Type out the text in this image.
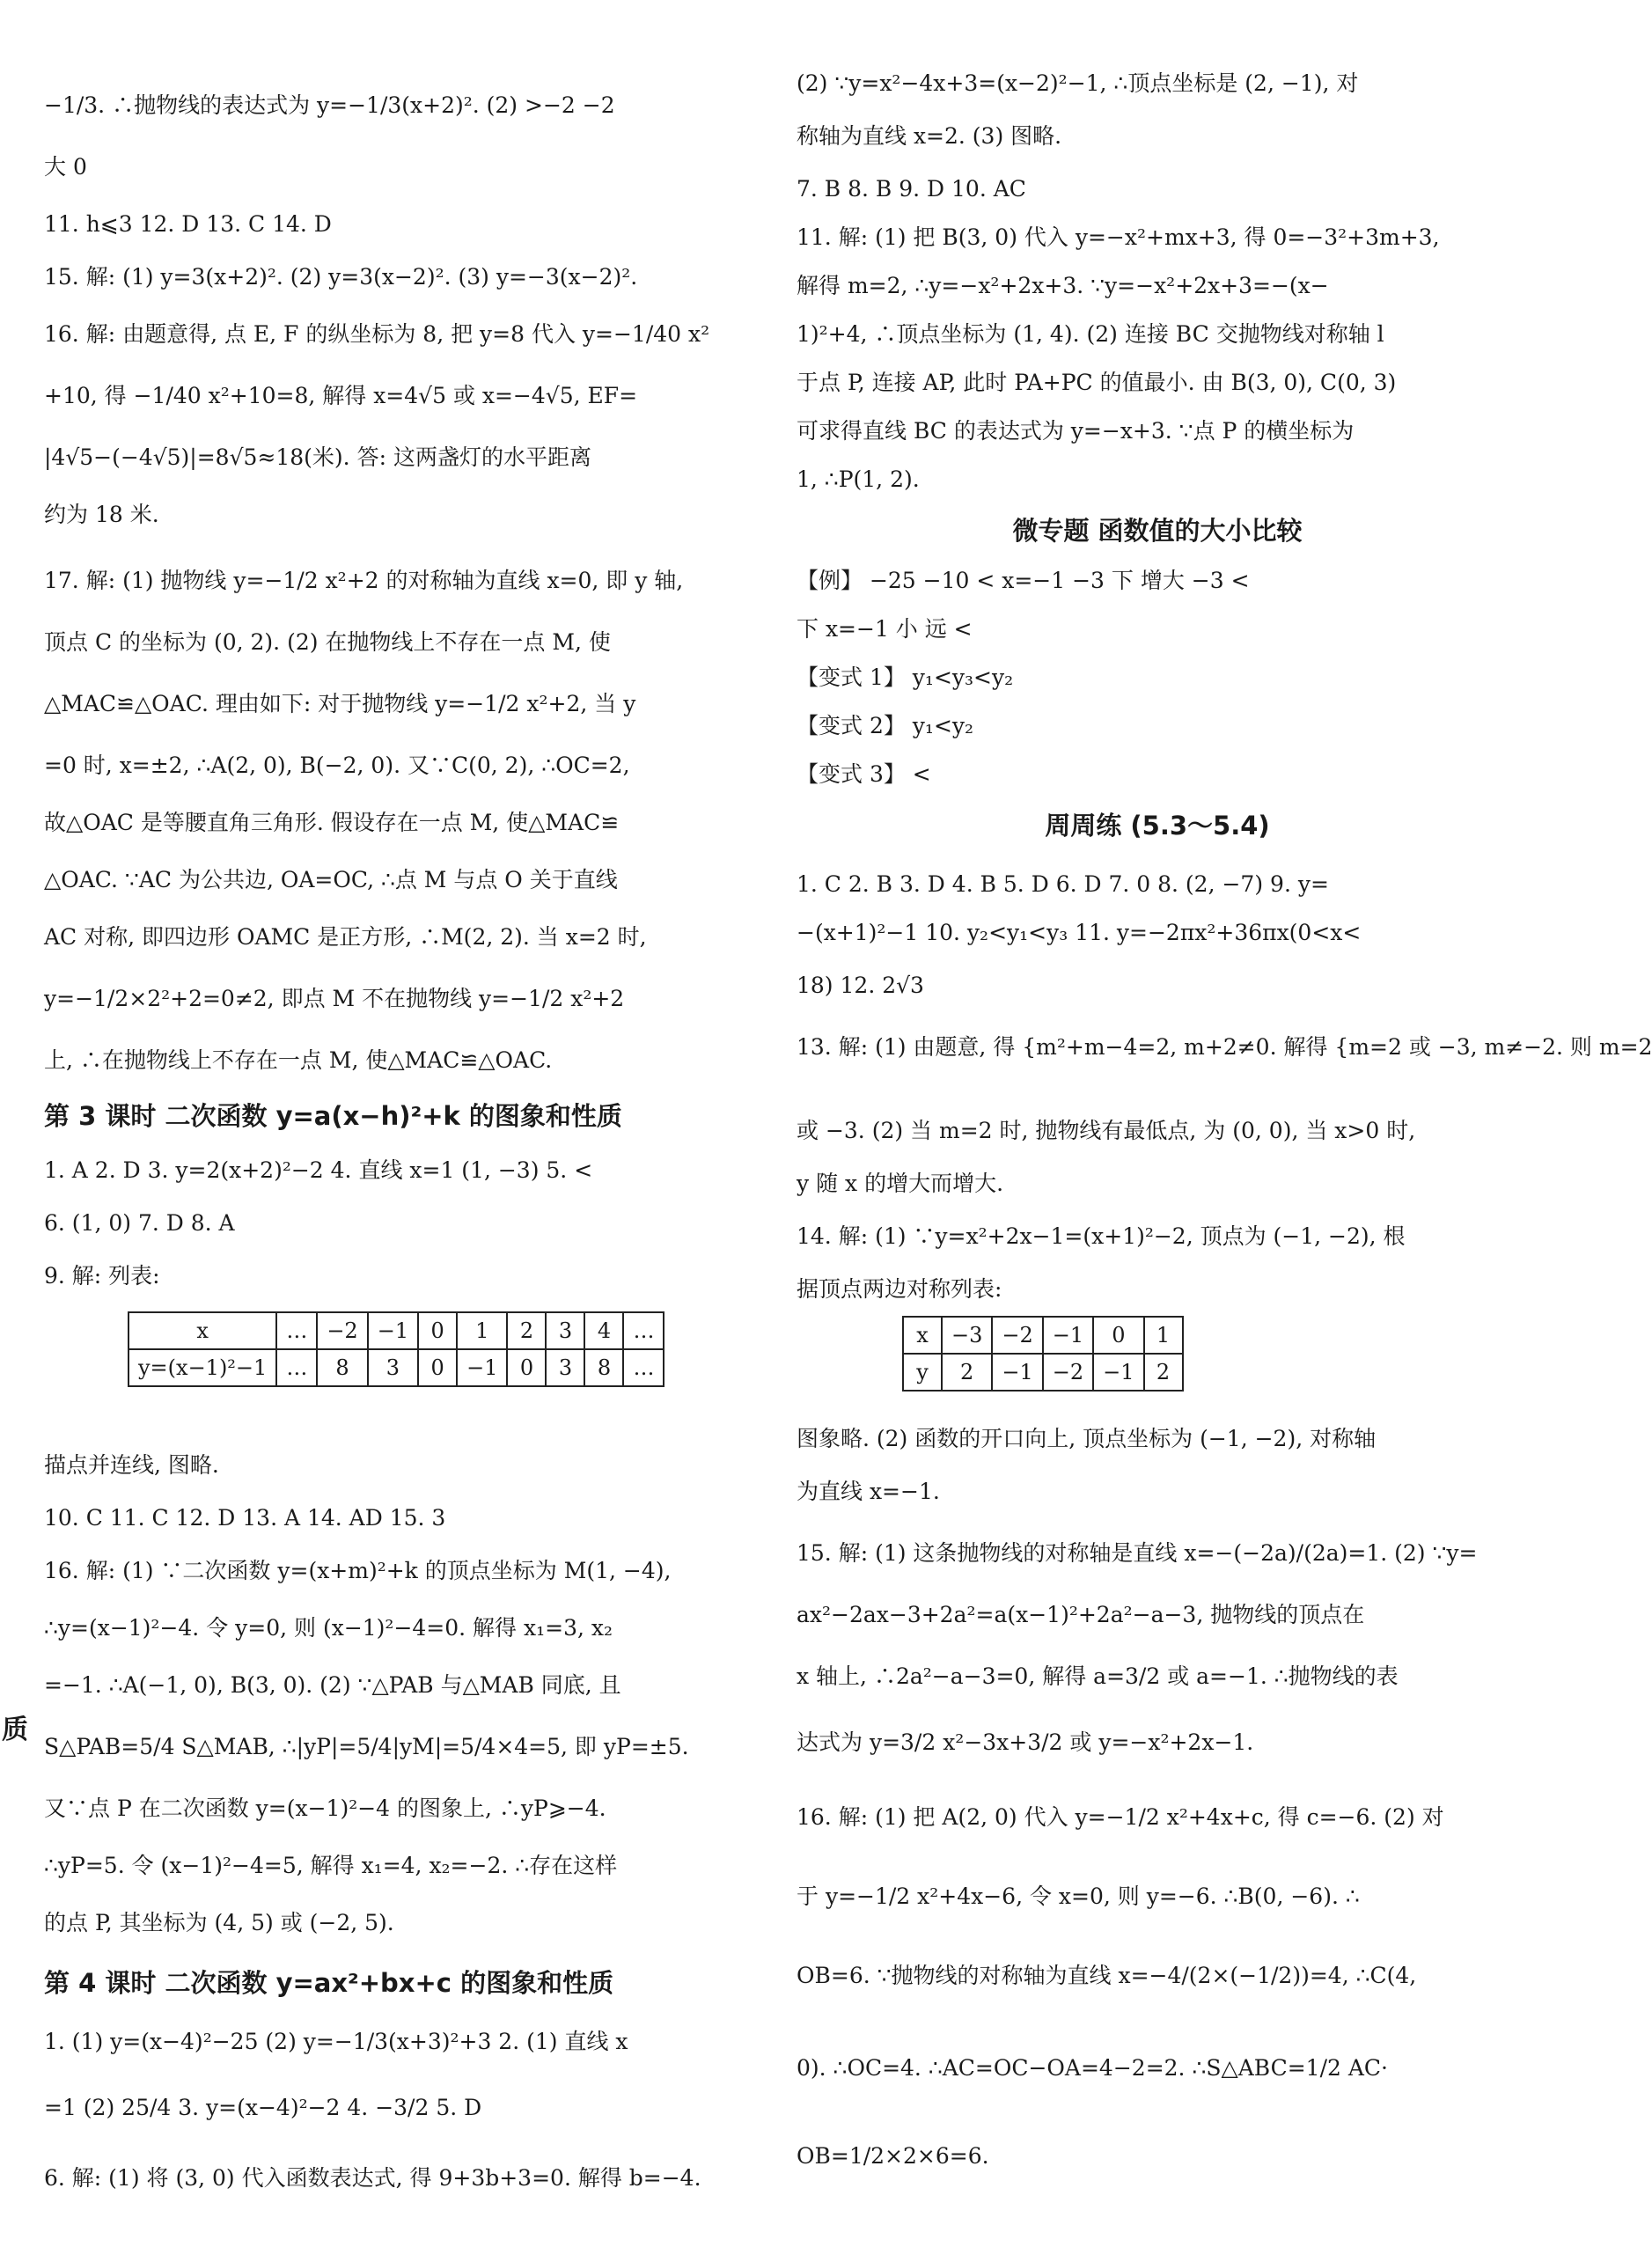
−1/3. ∴抛物线的表达式为 y=−1/3(x+2)². (2) >−2 −2

大 0

11. h⩽3 12. D 13. C 14. D

15. 解: (1) y=3(x+2)². (2) y=3(x−2)². (3) y=−3(x−2)².

16. 解: 由题意得, 点 E, F 的纵坐标为 8, 把 y=8 代入 y=−1/40 x²

+10, 得 −1/40 x²+10=8, 解得 x=4√5 或 x=−4√5, EF=

|4√5−(−4√5)|=8√5≈18(米). 答: 这两盏灯的水平距离

约为 18 米.

17. 解: (1) 抛物线 y=−1/2 x²+2 的对称轴为直线 x=0, 即 y 轴,

顶点 C 的坐标为 (0, 2). (2) 在抛物线上不存在一点 M, 使

△MAC≌△OAC. 理由如下: 对于抛物线 y=−1/2 x²+2, 当 y

=0 时, x=±2, ∴A(2, 0), B(−2, 0). 又∵C(0, 2), ∴OC=2,

故△OAC 是等腰直角三角形. 假设存在一点 M, 使△MAC≌

△OAC. ∵AC 为公共边, OA=OC, ∴点 M 与点 O 关于直线

AC 对称, 即四边形 OAMC 是正方形, ∴M(2, 2). 当 x=2 时,

y=−1/2×2²+2=0≠2, 即点 M 不在抛物线 y=−1/2 x²+2

上, ∴在抛物线上不存在一点 M, 使△MAC≌△OAC.

第 3 课时 二次函数 y=a(x−h)²+k 的图象和性质

1. A 2. D 3. y=2(x+2)²−2 4. 直线 x=1 (1, −3) 5. <

6. (1, 0) 7. D 8. A

9. 解: 列表:

x	…	−2	−1	0	1	2	3	4	…
y=(x−1)²−1	…	8	3	0	−1	0	3	8	…

描点并连线, 图略.

10. C 11. C 12. D 13. A 14. AD 15. 3

16. 解: (1) ∵二次函数 y=(x+m)²+k 的顶点坐标为 M(1, −4),

∴y=(x−1)²−4. 令 y=0, 则 (x−1)²−4=0. 解得 x₁=3, x₂

=−1. ∴A(−1, 0), B(3, 0). (2) ∵△PAB 与△MAB 同底, 且

S△PAB=5/4 S△MAB, ∴|yP|=5/4|yM|=5/4×4=5, 即 yP=±5.

又∵点 P 在二次函数 y=(x−1)²−4 的图象上, ∴yP⩾−4.

∴yP=5. 令 (x−1)²−4=5, 解得 x₁=4, x₂=−2. ∴存在这样

的点 P, 其坐标为 (4, 5) 或 (−2, 5).

第 4 课时 二次函数 y=ax²+bx+c 的图象和性质

1. (1) y=(x−4)²−25 (2) y=−1/3(x+3)²+3 2. (1) 直线 x

=1 (2) 25/4 3. y=(x−4)²−2 4. −3/2 5. D

6. 解: (1) 将 (3, 0) 代入函数表达式, 得 9+3b+3=0. 解得 b=−4.

(2) ∵y=x²−4x+3=(x−2)²−1, ∴顶点坐标是 (2, −1), 对

称轴为直线 x=2. (3) 图略.

7. B 8. B 9. D 10. AC

11. 解: (1) 把 B(3, 0) 代入 y=−x²+mx+3, 得 0=−3²+3m+3,

解得 m=2, ∴y=−x²+2x+3. ∵y=−x²+2x+3=−(x−

1)²+4, ∴顶点坐标为 (1, 4). (2) 连接 BC 交抛物线对称轴 l

于点 P, 连接 AP, 此时 PA+PC 的值最小. 由 B(3, 0), C(0, 3)

可求得直线 BC 的表达式为 y=−x+3. ∵点 P 的横坐标为

1, ∴P(1, 2).

微专题 函数值的大小比较

【例】 −25 −10 < x=−1 −3 下 增大 −3 <

下 x=−1 小 远 <

【变式 1】 y₁<y₃<y₂

【变式 2】 y₁<y₂

【变式 3】 <

周周练 (5.3～5.4)

1. C 2. B 3. D 4. B 5. D 6. D 7. 0 8. (2, −7) 9. y=

−(x+1)²−1 10. y₂<y₁<y₃ 11. y=−2πx²+36πx(0<x<

18) 12. 2√3

13. 解: (1) 由题意, 得 {m²+m−4=2, m+2≠0. 解得 {m=2 或 −3, m≠−2. 则 m=2

或 −3. (2) 当 m=2 时, 抛物线有最低点, 为 (0, 0), 当 x>0 时,

y 随 x 的增大而增大.

14. 解: (1) ∵y=x²+2x−1=(x+1)²−2, 顶点为 (−1, −2), 根

据顶点两边对称列表:

x	−3	−2	−1	0	1
y	2	−1	−2	−1	2

图象略. (2) 函数的开口向上, 顶点坐标为 (−1, −2), 对称轴

为直线 x=−1.

15. 解: (1) 这条抛物线的对称轴是直线 x=−(−2a)/(2a)=1. (2) ∵y=

ax²−2ax−3+2a²=a(x−1)²+2a²−a−3, 抛物线的顶点在

x 轴上, ∴2a²−a−3=0, 解得 a=3/2 或 a=−1. ∴抛物线的表

达式为 y=3/2 x²−3x+3/2 或 y=−x²+2x−1.

16. 解: (1) 把 A(2, 0) 代入 y=−1/2 x²+4x+c, 得 c=−6. (2) 对

于 y=−1/2 x²+4x−6, 令 x=0, 则 y=−6. ∴B(0, −6). ∴

OB=6. ∵抛物线的对称轴为直线 x=−4/(2×(−1/2))=4, ∴C(4,

0). ∴OC=4. ∴AC=OC−OA=4−2=2. ∴S△ABC=1/2 AC·

OB=1/2×2×6=6.

质
